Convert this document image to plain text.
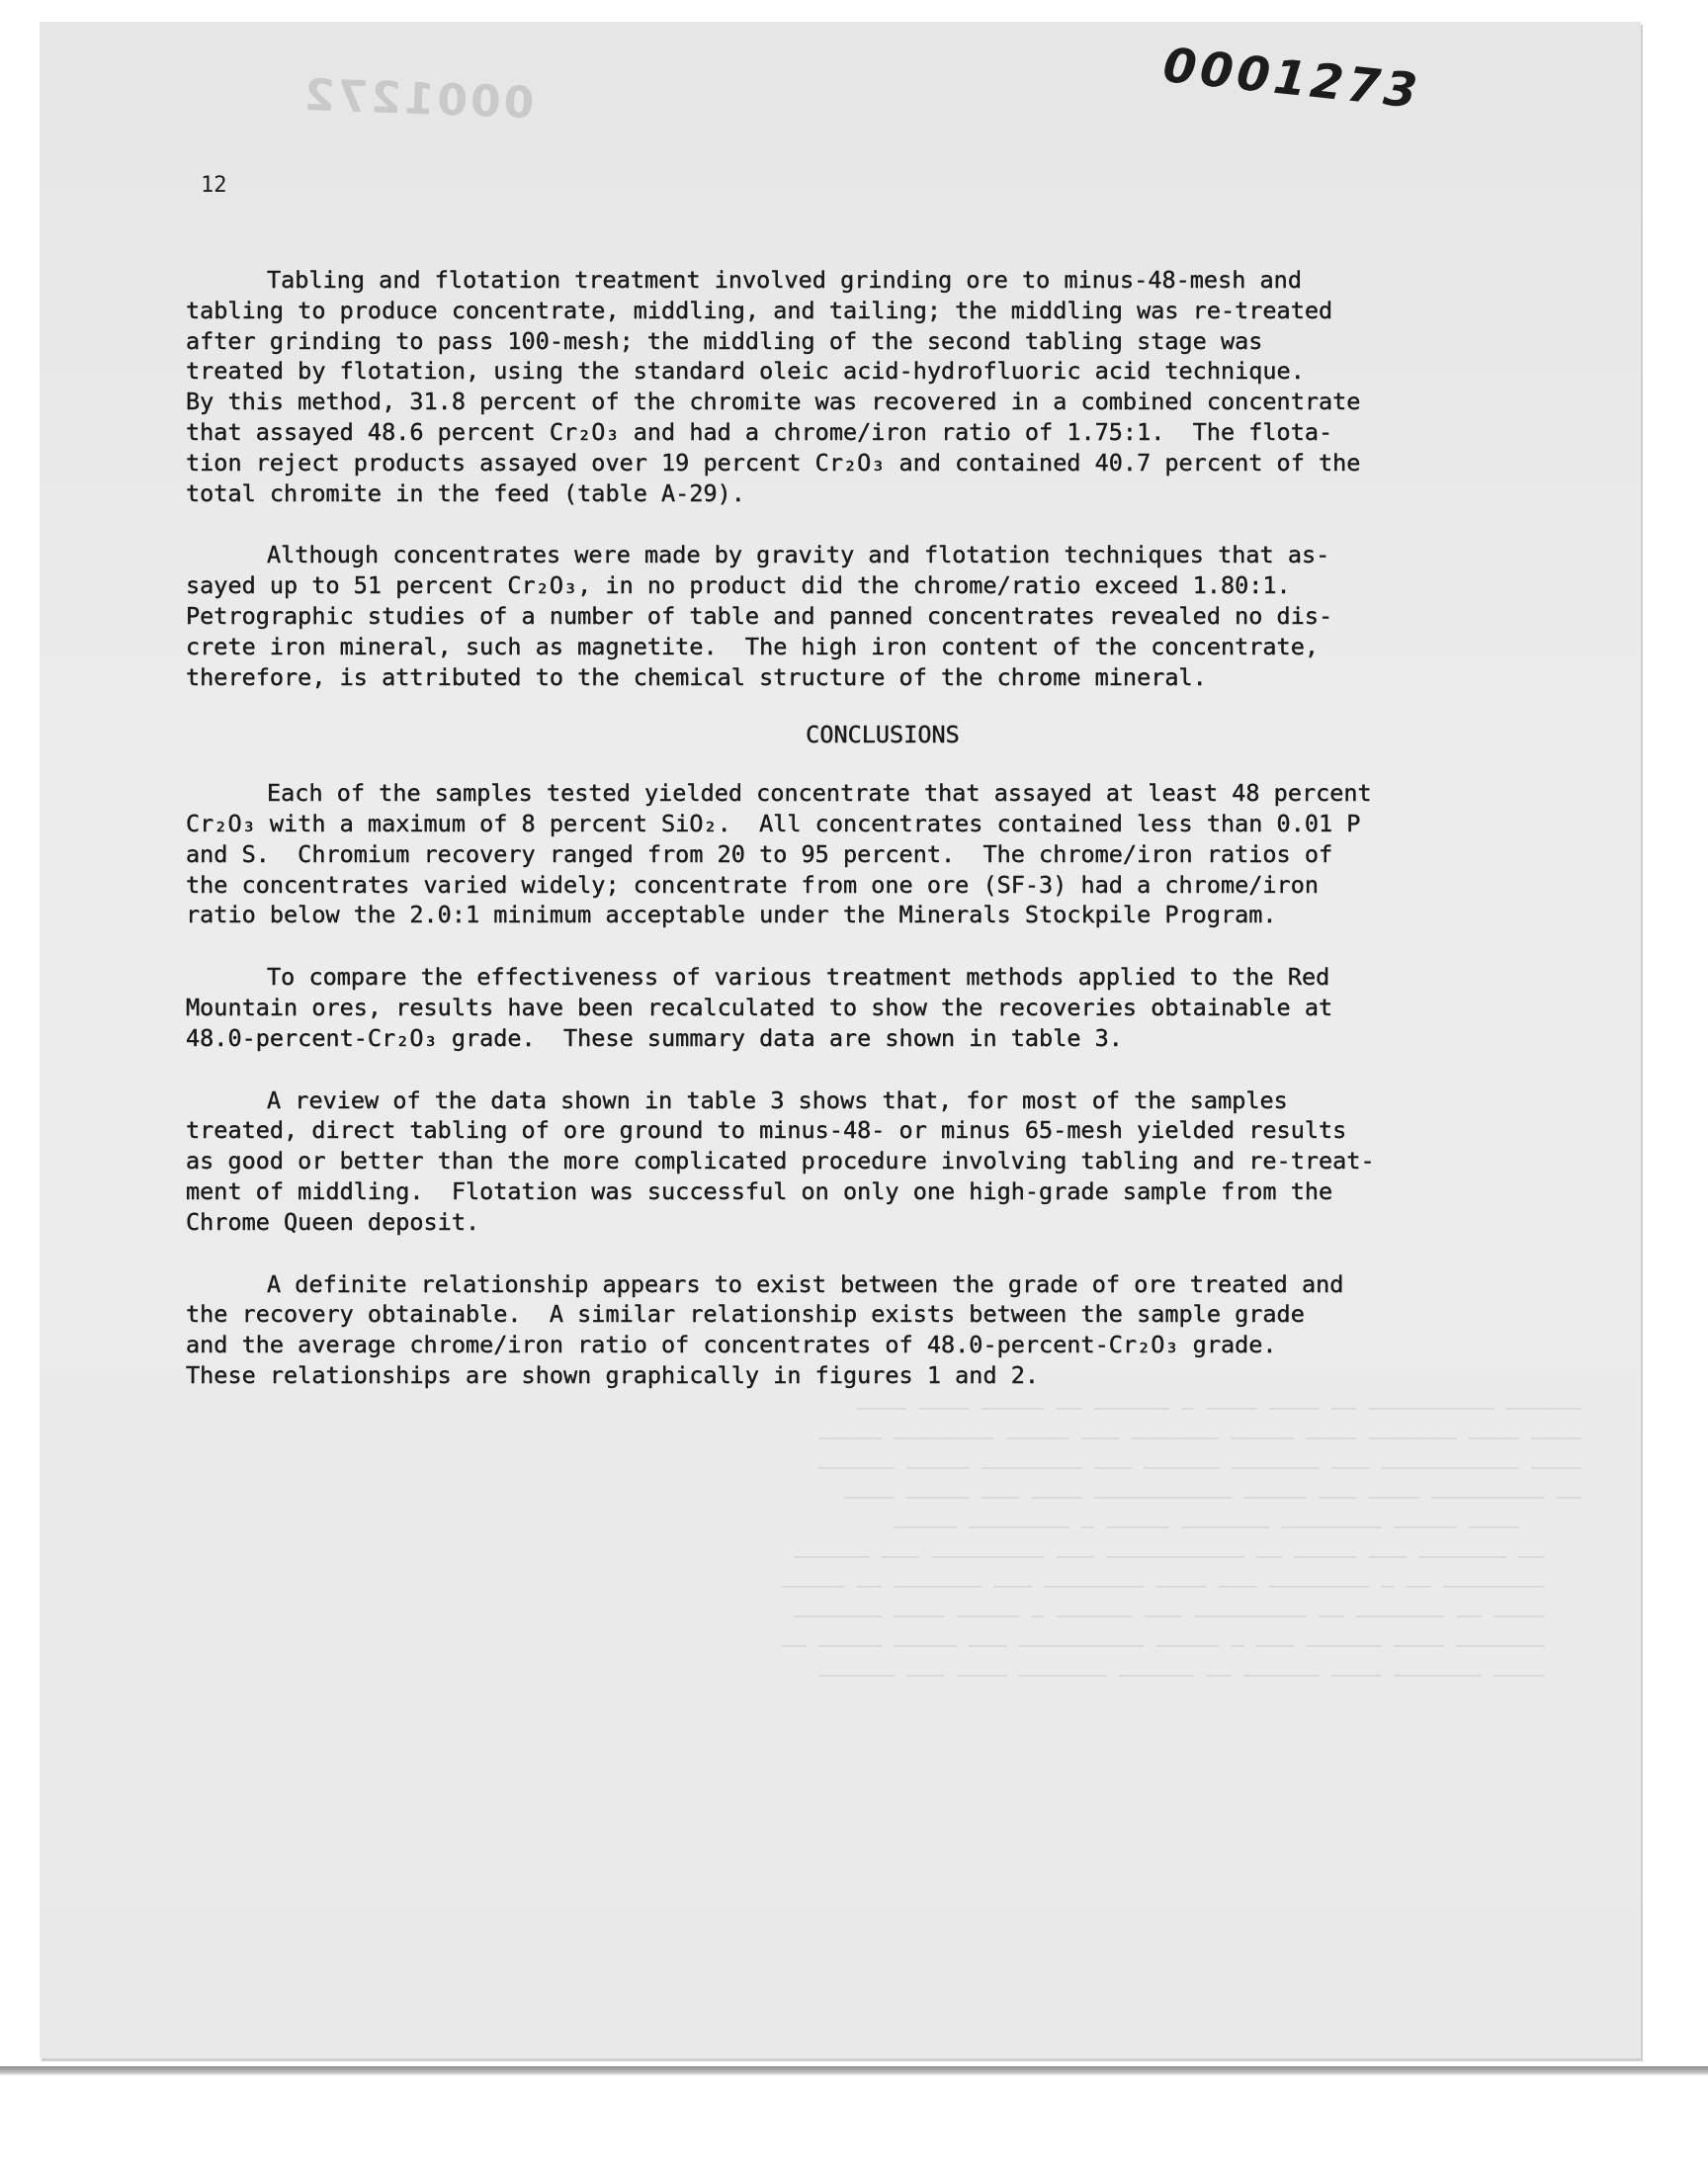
0001272	0001273
12

Tabling and flotation treatment involved grinding ore to minus-48-mesh and
tabling to produce concentrate, middling, and tailing; the middling was re-treated
after grinding to pass 100-mesh; the middling of the second tabling stage was
treated by flotation, using the standard oleic acid-hydrofluoric acid technique.
By this method, 31.8 percent of the chromite was recovered in a combined concentrate
that assayed 48.6 percent Cr₂O₃ and had a chrome/iron ratio of 1.75:1.  The flota-
tion reject products assayed over 19 percent Cr₂O₃ and contained 40.7 percent of the
total chromite in the feed (table A-29).

Although concentrates were made by gravity and flotation techniques that as-
sayed up to 51 percent Cr₂O₃, in no product did the chrome/ratio exceed 1.80:1.
Petrographic studies of a number of table and panned concentrates revealed no dis-
crete iron mineral, such as magnetite.  The high iron content of the concentrate,
therefore, is attributed to the chemical structure of the chrome mineral.

CONCLUSIONS

Each of the samples tested yielded concentrate that assayed at least 48 percent
Cr₂O₃ with a maximum of 8 percent SiO₂.  All concentrates contained less than 0.01 P
and S.  Chromium recovery ranged from 20 to 95 percent.  The chrome/iron ratios of
the concentrates varied widely; concentrate from one ore (SF-3) had a chrome/iron
ratio below the 2.0:1 minimum acceptable under the Minerals Stockpile Program.

To compare the effectiveness of various treatment methods applied to the Red
Mountain ores, results have been recalculated to show the recoveries obtainable at
48.0-percent-Cr₂O₃ grade.  These summary data are shown in table 3.

A review of the data shown in table 3 shows that, for most of the samples
treated, direct tabling of ore ground to minus-48- or minus 65-mesh yielded results
as good or better than the more complicated procedure involving tabling and re-treat-
ment of middling.  Flotation was successful on only one high-grade sample from the
Chrome Queen deposit.

A definite relationship appears to exist between the grade of ore treated and
the recovery obtainable.  A similar relationship exists between the sample grade
and the average chrome/iron ratio of concentrates of 48.0-percent-Cr₂O₃ grade.
These relationships are shown graphically in figures 1 and 2.

────── ────────── ── ──── ──── ─ ────── ── ───── ──── ────
──── ──── ─────── ──── ───── ─────── ─── ───── ──────── ─────
──── ─────────── ─── ─────── ────── ─── ──────── ───── ──────
── ───────── ──── ─── ───── ─────────── ──── ─── ───── ────
──── ───── ──────── ─────── ───── ─ ──────── ─────
── ─────── ─── ───── ── ─────────── ─── ───────── ─── ──────
──────── ── ─ ──────── ─── ──── ──────── ─── ─────── ── ─────
──── ── ─────── ── ───────── ─── ────── ─ ───── ──── ───────
─────── ──── ────── ─── ─ ───── ────────── ─── ───── ───── ──
──── ─────── ──── ────── ── ────── ─────── ──── ─── ──────
